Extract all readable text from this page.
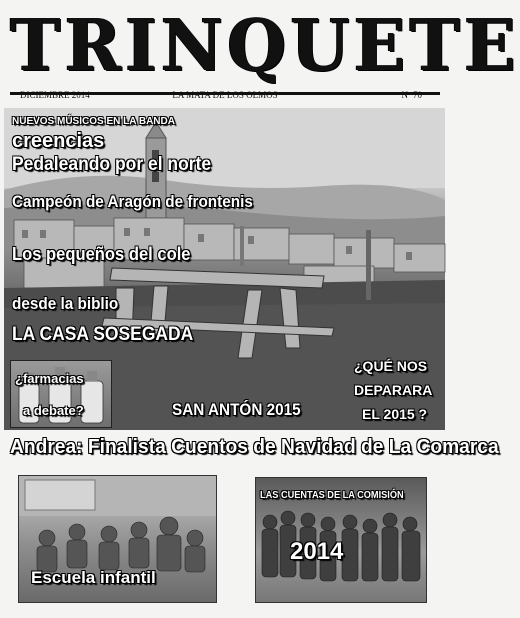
TRINQUETE
LA MATA DE LOS OLMOS
DICIEMBRE 2014	Nº 70
NUEVOS MÚSICOS EN LA BANDA
creencias
Pedaleando por el norte
Campeón de Aragón de frontenis
Los pequeños del cole
desde la biblio
LA CASA SOSEGADA
¿farmacias
a debate?	SAN ANTÓN 2015
¿QUÉ NOS
DEPARARA
EL 2015 ?
Andrea: Finalista Cuentos de Navidad de La Comarca
Escuela infantil
LAS CUENTAS DE LA COMISIÓN
2014
